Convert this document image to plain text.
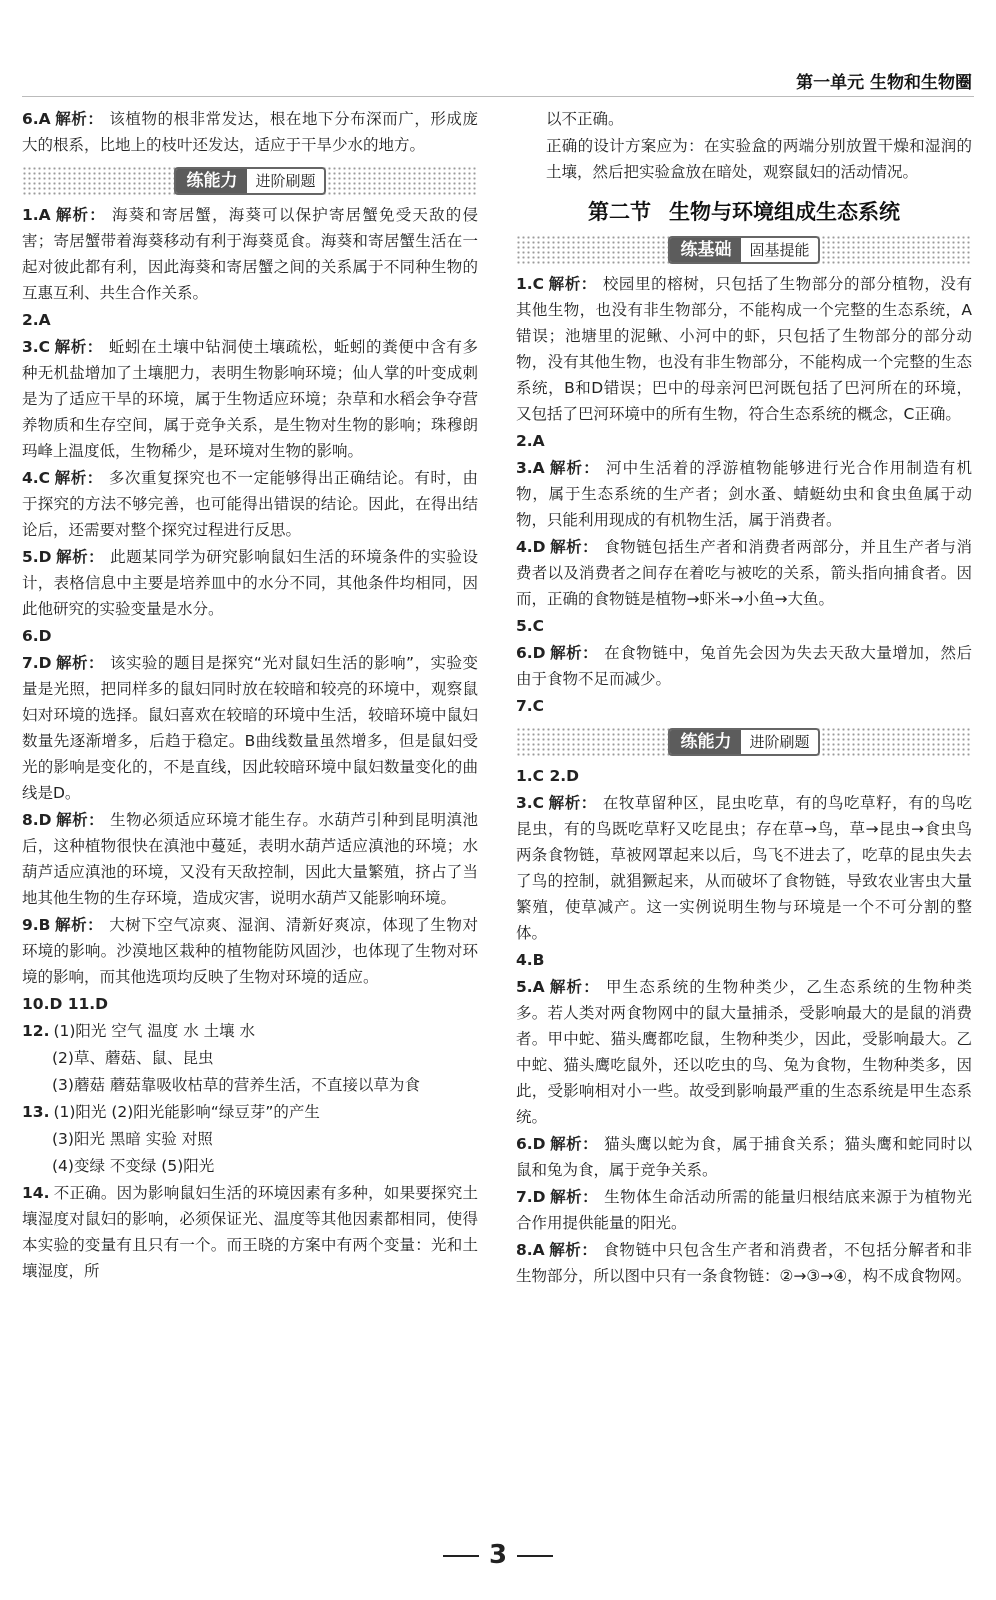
第一单元 生物和生物圈
6.A 解析： 该植物的根非常发达，根在地下分布深而广，形成庞大的根系，比地上的枝叶还发达，适应于干旱少水的地方。
练能力	进阶刷题
1.A 解析： 海葵和寄居蟹，海葵可以保护寄居蟹免受天敌的侵害；寄居蟹带着海葵移动有利于海葵觅食。海葵和寄居蟹生活在一起对彼此都有利，因此海葵和寄居蟹之间的关系属于不同种生物的互惠互利、共生合作关系。
2.A
3.C 解析： 蚯蚓在土壤中钻洞使土壤疏松，蚯蚓的粪便中含有多种无机盐增加了土壤肥力，表明生物影响环境；仙人掌的叶变成刺是为了适应干旱的环境，属于生物适应环境；杂草和水稻会争夺营养物质和生存空间，属于竞争关系，是生物对生物的影响；珠穆朗玛峰上温度低，生物稀少，是环境对生物的影响。
4.C 解析： 多次重复探究也不一定能够得出正确结论。有时，由于探究的方法不够完善，也可能得出错误的结论。因此，在得出结论后，还需要对整个探究过程进行反思。
5.D 解析： 此题某同学为研究影响鼠妇生活的环境条件的实验设计，表格信息中主要是培养皿中的水分不同，其他条件均相同，因此他研究的实验变量是水分。
6.D
7.D 解析： 该实验的题目是探究“光对鼠妇生活的影响”，实验变量是光照，把同样多的鼠妇同时放在较暗和较亮的环境中，观察鼠妇对环境的选择。鼠妇喜欢在较暗的环境中生活，较暗环境中鼠妇数量先逐渐增多，后趋于稳定。B曲线数量虽然增多，但是鼠妇受光的影响是变化的，不是直线，因此较暗环境中鼠妇数量变化的曲线是D。
8.D 解析： 生物必须适应环境才能生存。水葫芦引种到昆明滇池后，这种植物很快在滇池中蔓延，表明水葫芦适应滇池的环境；水葫芦适应滇池的环境，又没有天敌控制，因此大量繁殖，挤占了当地其他生物的生存环境，造成灾害，说明水葫芦又能影响环境。
9.B 解析： 大树下空气凉爽、湿润、清新好爽凉，体现了生物对环境的影响。沙漠地区栽种的植物能防风固沙，也体现了生物对环境的影响，而其他选项均反映了生物对环境的适应。
10.D 11.D
12. (1)阳光 空气 温度 水 土壤 水
(2)草、蘑菇、鼠、昆虫
(3)蘑菇 蘑菇靠吸收枯草的营养生活，不直接以草为食
13. (1)阳光 (2)阳光能影响“绿豆芽”的产生
(3)阳光 黑暗 实验 对照
(4)变绿 不变绿 (5)阳光
14. 不正确。因为影响鼠妇生活的环境因素有多种，如果要探究土壤湿度对鼠妇的影响，必须保证光、温度等其他因素都相同，使得本实验的变量有且只有一个。而王晓的方案中有两个变量：光和土壤湿度，所
以不正确。
正确的设计方案应为：在实验盒的两端分别放置干燥和湿润的土壤，然后把实验盒放在暗处，观察鼠妇的活动情况。
第二节 生物与环境组成生态系统
练基础	固基提能
1.C 解析： 校园里的榕树，只包括了生物部分的部分植物，没有其他生物，也没有非生物部分，不能构成一个完整的生态系统，A错误；池塘里的泥鳅、小河中的虾，只包括了生物部分的部分动物，没有其他生物，也没有非生物部分，不能构成一个完整的生态系统，B和D错误；巴中的母亲河巴河既包括了巴河所在的环境，又包括了巴河环境中的所有生物，符合生态系统的概念，C正确。
2.A
3.A 解析： 河中生活着的浮游植物能够进行光合作用制造有机物，属于生态系统的生产者；剑水蚤、蜻蜓幼虫和食虫鱼属于动物，只能利用现成的有机物生活，属于消费者。
4.D 解析： 食物链包括生产者和消费者两部分，并且生产者与消费者以及消费者之间存在着吃与被吃的关系，箭头指向捕食者。因而，正确的食物链是植物→虾米→小鱼→大鱼。
5.C
6.D 解析： 在食物链中，兔首先会因为失去天敌大量增加，然后由于食物不足而减少。
7.C
练能力	进阶刷题
1.C 2.D
3.C 解析： 在牧草留种区，昆虫吃草，有的鸟吃草籽，有的鸟吃昆虫，有的鸟既吃草籽又吃昆虫；存在草→鸟，草→昆虫→食虫鸟两条食物链，草被网罩起来以后，鸟飞不进去了，吃草的昆虫失去了鸟的控制，就猖獗起来，从而破坏了食物链，导致农业害虫大量繁殖，使草减产。这一实例说明生物与环境是一个不可分割的整体。
4.B
5.A 解析： 甲生态系统的生物种类少，乙生态系统的生物种类多。若人类对两食物网中的鼠大量捕杀，受影响最大的是鼠的消费者。甲中蛇、猫头鹰都吃鼠，生物种类少，因此，受影响最大。乙中蛇、猫头鹰吃鼠外，还以吃虫的鸟、兔为食物，生物种类多，因此，受影响相对小一些。故受到影响最严重的生态系统是甲生态系统。
6.D 解析： 猫头鹰以蛇为食，属于捕食关系；猫头鹰和蛇同时以鼠和兔为食，属于竞争关系。
7.D 解析： 生物体生命活动所需的能量归根结底来源于为植物光合作用提供能量的阳光。
8.A 解析： 食物链中只包含生产者和消费者，不包括分解者和非生物部分，所以图中只有一条食物链：②→③→④，构不成食物网。
3
